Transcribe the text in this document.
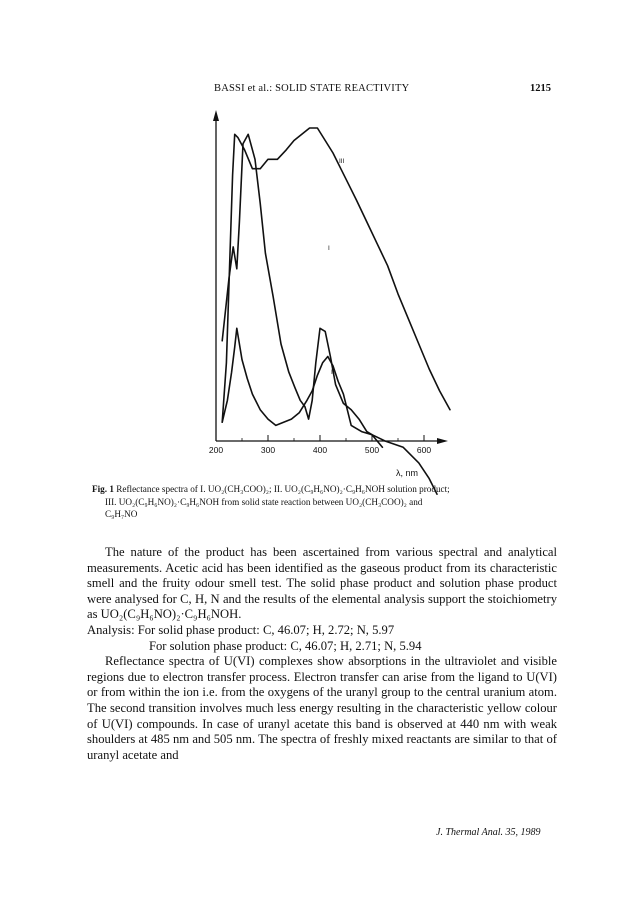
BASSI et al.: SOLID STATE REACTIVITY	1215
200	300	400	500	600
λ, nm
III
I
II
Fig. 1 Reflectance spectra of I. UO₂(CH₃COO)₂; II. UO₂(C₉H₆NO)₂·C₉H₆NOH solution product;
III. UO₂(C₉H₆NO)₂·C₉H₆NOH from solid state reaction between UO₂(CH₃COO)₂ and
C₉H₇NO

The nature of the product has been ascertained from various spectral and analytical measurements. Acetic acid has been identified as the gaseous product from its characteristic smell and the fruity odour smell test. The solid phase product and solution phase product were analysed for C, H, N and the results of the elemental analysis support the stoichiometry as UO₂(C₉H₆NO)₂·C₉H₆NOH.

Analysis: For solid phase product: C, 46.07; H, 2.72; N, 5.97
For solution phase product: C, 46.07; H, 2.71; N, 5.94

Reflectance spectra of U(VI) complexes show absorptions in the ultraviolet and visible regions due to electron transfer process. Electron transfer can arise from the ligand to U(VI) or from within the ion i.e. from the oxygens of the uranyl group to the central uranium atom. The second transition involves much less energy resulting in the characteristic yellow colour of U(VI) compounds. In case of uranyl acetate this band is observed at 440 nm with weak shoulders at 485 nm and 505 nm. The spectra of freshly mixed reactants are similar to that of uranyl acetate and

J. Thermal Anal. 35, 1989
